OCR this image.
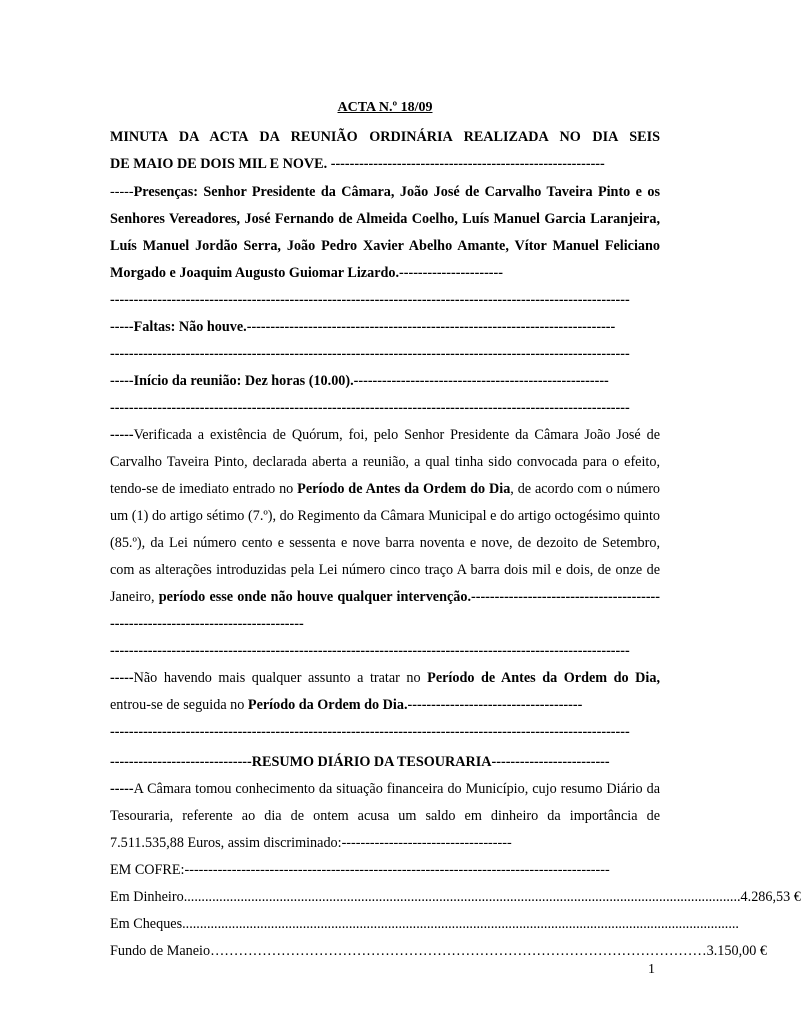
ACTA N.º 18/09
MINUTA DA ACTA DA REUNIÃO ORDINÁRIA REALIZADA NO DIA SEIS
DE MAIO DE DOIS MIL E NOVE. ----------------------------------------------------------

-----Presenças: Senhor Presidente da Câmara, João José de Carvalho Taveira Pinto e os Senhores Vereadores, José Fernando de Almeida Coelho, Luís Manuel Garcia Laranjeira, Luís Manuel Jordão Serra, João Pedro Xavier Abelho Amante, Vítor Manuel Feliciano Morgado e Joaquim Augusto Guiomar Lizardo.----------------------

--------------------------------------------------------------------------------------------------------------
-----Faltas: Não houve.------------------------------------------------------------------------------
--------------------------------------------------------------------------------------------------------------
-----Início da reunião: Dez horas (10.00).------------------------------------------------------
--------------------------------------------------------------------------------------------------------------

-----Verificada a existência de Quórum, foi, pelo Senhor Presidente da Câmara João José de Carvalho Taveira Pinto, declarada aberta a reunião, a qual tinha sido convocada para o efeito, tendo-se de imediato entrado no Período de Antes da Ordem do Dia, de acordo com o número um (1) do artigo sétimo (7.º), do Regimento da Câmara Municipal e do artigo octogésimo quinto (85.º), da Lei número cento e sessenta e nove barra noventa e nove, de dezoito de Setembro, com as alterações introduzidas pela Lei número cinco traço A barra dois mil e dois, de onze de Janeiro, período esse onde não houve qualquer intervenção.---------------------------------------------------------------------------------

--------------------------------------------------------------------------------------------------------------

-----Não havendo mais qualquer assunto a tratar no Período de Antes da Ordem do Dia, entrou-se de seguida no Período da Ordem do Dia.-------------------------------------

--------------------------------------------------------------------------------------------------------------
------------------------------RESUMO DIÁRIO DA TESOURARIA-------------------------

-----A Câmara tomou conhecimento da situação financeira do Município, cujo resumo Diário da Tesouraria, referente ao dia de ontem acusa um saldo em dinheiro da importância de 7.511.535,88 Euros, assim discriminado:------------------------------------

EM COFRE:------------------------------------------------------------------------------------------
Em Dinheiro ............................................................................................................................................................. 4.286,53 €
Em Cheques .............................................................................................................................................................
Fundo de Maneio …………………………………………………………………………………………… 3.150,00 €
1
